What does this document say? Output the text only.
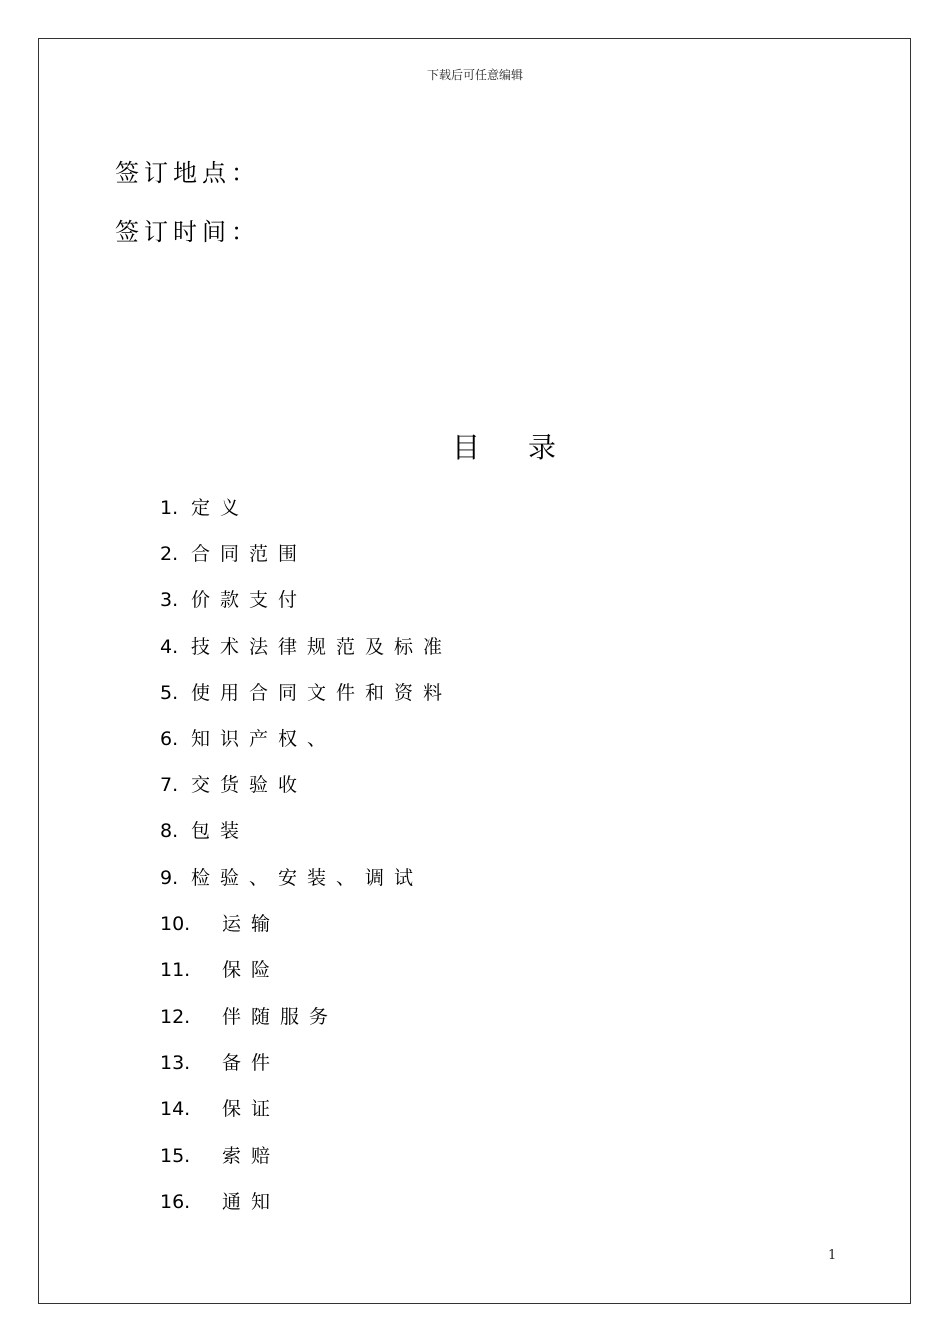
下载后可任意编辑
签订地点：
签订时间：
目 录
1. 定义
2. 合同范围
3. 价款支付
4. 技术法律规范及标准
5. 使用合同文件和资料
6. 知识产权、
7. 交货验收
8. 包装
9. 检验、安装、调试
10. 运输
11. 保险
12. 伴随服务
13. 备件
14. 保证
15. 索赔
16. 通知
1
